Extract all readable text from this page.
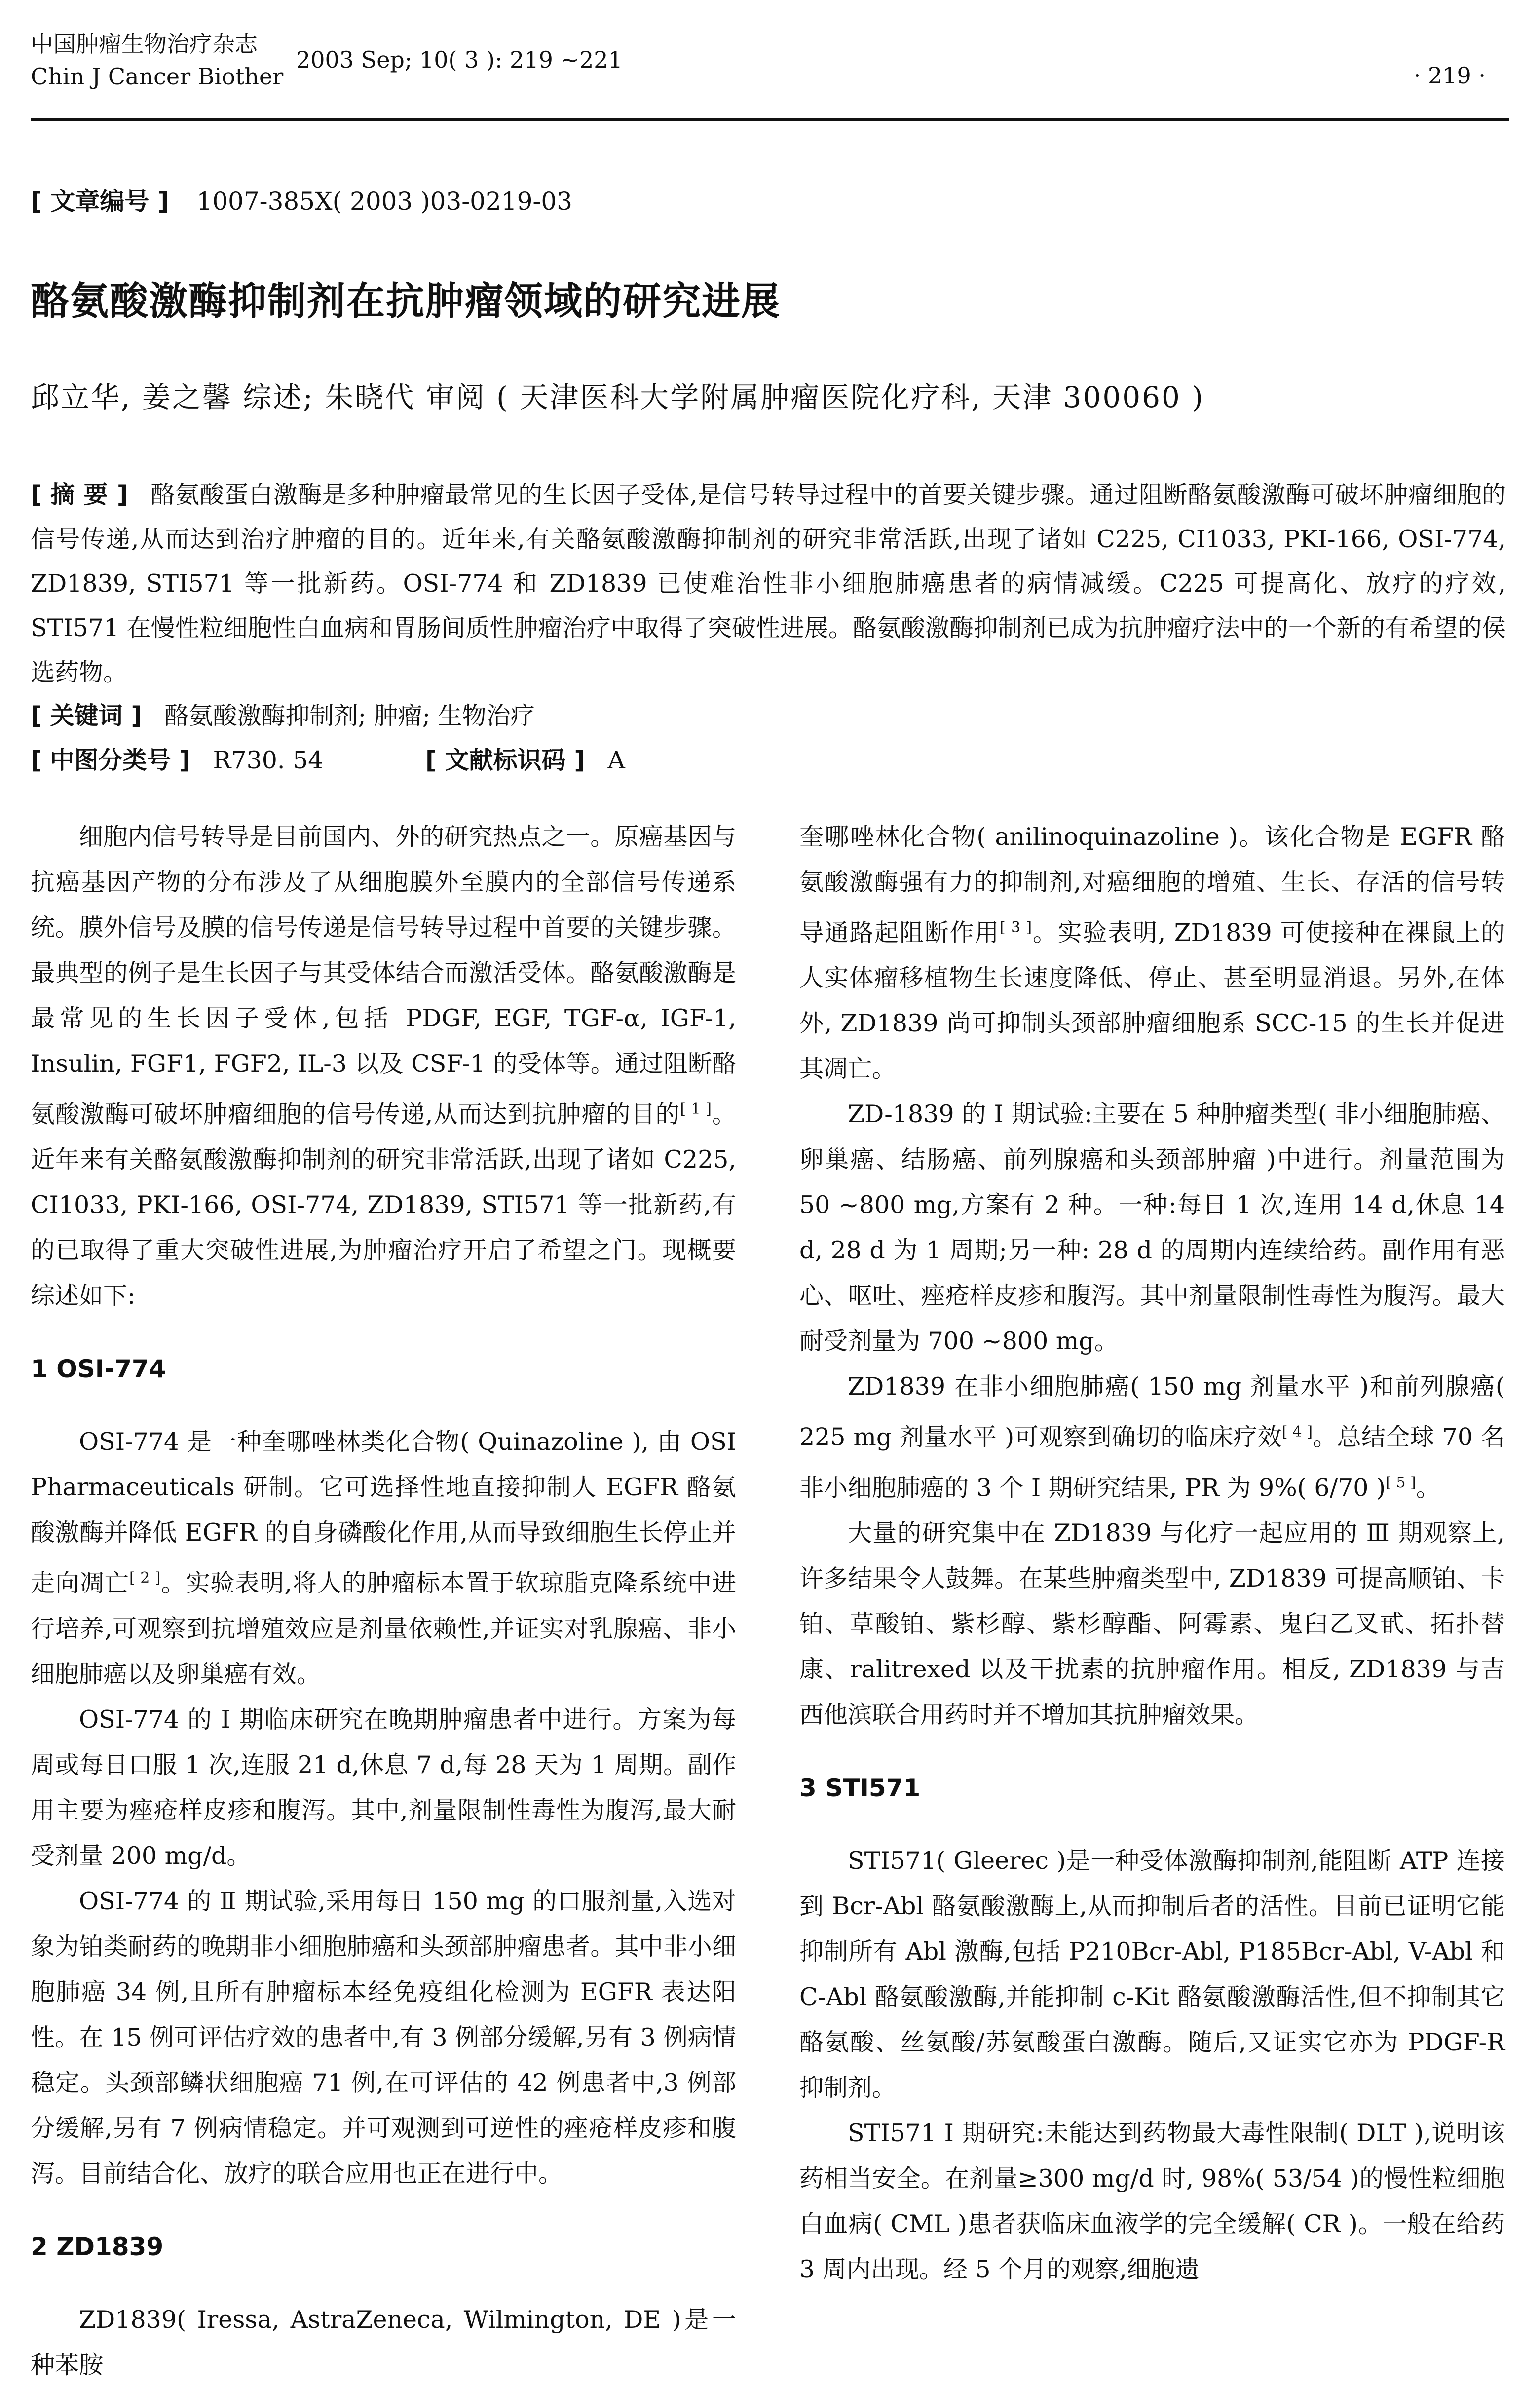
中国肿瘤生物治疗杂志
Chin J Cancer Biother
2003 Sep; 10( 3 ): 219 ~221
· 219 ·
[ 文章编号 ] 1007-385X( 2003 )03-0219-03
酪氨酸激酶抑制剂在抗肿瘤领域的研究进展
邱立华, 姜之馨 综述; 朱晓代 审阅 ( 天津医科大学附属肿瘤医院化疗科, 天津 300060 )
[ 摘 要 ] 酪氨酸蛋白激酶是多种肿瘤最常见的生长因子受体,是信号转导过程中的首要关键步骤。通过阻断酪氨酸激酶可破坏肿瘤细胞的信号传递,从而达到治疗肿瘤的目的。近年来,有关酪氨酸激酶抑制剂的研究非常活跃,出现了诸如 C225, CI1033, PKI-166, OSI-774, ZD1839, STI571 等一批新药。OSI-774 和 ZD1839 已使难治性非小细胞肺癌患者的病情减缓。C225 可提高化、放疗的疗效, STI571 在慢性粒细胞性白血病和胃肠间质性肿瘤治疗中取得了突破性进展。酪氨酸激酶抑制剂已成为抗肿瘤疗法中的一个新的有希望的侯选药物。
[ 关键词 ] 酪氨酸激酶抑制剂; 肿瘤; 生物治疗
[ 中图分类号 ] R730. 54	[ 文献标识码 ] A

细胞内信号转导是目前国内、外的研究热点之一。原癌基因与抗癌基因产物的分布涉及了从细胞膜外至膜内的全部信号传递系统。膜外信号及膜的信号传递是信号转导过程中首要的关键步骤。最典型的例子是生长因子与其受体结合而激活受体。酪氨酸激酶是最常见的生长因子受体,包括 PDGF, EGF, TGF-α, IGF-1, Insulin, FGF1, FGF2, IL-3 以及 CSF-1 的受体等。通过阻断酪氨酸激酶可破坏肿瘤细胞的信号传递,从而达到抗肿瘤的目的[ 1 ]。近年来有关酪氨酸激酶抑制剂的研究非常活跃,出现了诸如 C225, CI1033, PKI-166, OSI-774, ZD1839, STI571 等一批新药,有的已取得了重大突破性进展,为肿瘤治疗开启了希望之门。现概要综述如下:

1 OSI-774

OSI-774 是一种奎哪唑林类化合物( Quinazoline ), 由 OSI Pharmaceuticals 研制。它可选择性地直接抑制人 EGFR 酪氨酸激酶并降低 EGFR 的自身磷酸化作用,从而导致细胞生长停止并走向凋亡[ 2 ]。实验表明,将人的肿瘤标本置于软琼脂克隆系统中进行培养,可观察到抗增殖效应是剂量依赖性,并证实对乳腺癌、非小细胞肺癌以及卵巢癌有效。

OSI-774 的 Ⅰ 期临床研究在晚期肿瘤患者中进行。方案为每周或每日口服 1 次,连服 21 d,休息 7 d,每 28 天为 1 周期。副作用主要为痤疮样皮疹和腹泻。其中,剂量限制性毒性为腹泻,最大耐受剂量 200 mg/d。

OSI-774 的 Ⅱ 期试验,采用每日 150 mg 的口服剂量,入选对象为铂类耐药的晚期非小细胞肺癌和头颈部肿瘤患者。其中非小细胞肺癌 34 例,且所有肿瘤标本经免疫组化检测为 EGFR 表达阳性。在 15 例可评估疗效的患者中,有 3 例部分缓解,另有 3 例病情稳定。头颈部鳞状细胞癌 71 例,在可评估的 42 例患者中,3 例部分缓解,另有 7 例病情稳定。并可观测到可逆性的痤疮样皮疹和腹泻。目前结合化、放疗的联合应用也正在进行中。

2 ZD1839

ZD1839( Iressa, AstraZeneca, Wilmington, DE )是一种苯胺

奎哪唑林化合物( anilinoquinazoline )。该化合物是 EGFR 酪氨酸激酶强有力的抑制剂,对癌细胞的增殖、生长、存活的信号转导通路起阻断作用[ 3 ]。实验表明, ZD1839 可使接种在裸鼠上的人实体瘤移植物生长速度降低、停止、甚至明显消退。另外,在体外, ZD1839 尚可抑制头颈部肿瘤细胞系 SCC-15 的生长并促进其凋亡。

ZD-1839 的 Ⅰ 期试验:主要在 5 种肿瘤类型( 非小细胞肺癌、卵巢癌、结肠癌、前列腺癌和头颈部肿瘤 )中进行。剂量范围为 50 ~800 mg,方案有 2 种。一种:每日 1 次,连用 14 d,休息 14 d, 28 d 为 1 周期;另一种: 28 d 的周期内连续给药。副作用有恶心、呕吐、痤疮样皮疹和腹泻。其中剂量限制性毒性为腹泻。最大耐受剂量为 700 ~800 mg。

ZD1839 在非小细胞肺癌( 150 mg 剂量水平 )和前列腺癌( 225 mg 剂量水平 )可观察到确切的临床疗效[ 4 ]。总结全球 70 名非小细胞肺癌的 3 个 Ⅰ 期研究结果, PR 为 9%( 6/70 )[ 5 ]。

大量的研究集中在 ZD1839 与化疗一起应用的 Ⅲ 期观察上,许多结果令人鼓舞。在某些肿瘤类型中, ZD1839 可提高顺铂、卡铂、草酸铂、紫杉醇、紫杉醇酯、阿霉素、鬼臼乙叉甙、拓扑替康、ralitrexed 以及干扰素的抗肿瘤作用。相反, ZD1839 与吉西他滨联合用药时并不增加其抗肿瘤效果。

3 STI571

STI571( Gleerec )是一种受体激酶抑制剂,能阻断 ATP 连接到 Bcr-Abl 酪氨酸激酶上,从而抑制后者的活性。目前已证明它能抑制所有 Abl 激酶,包括 P210Bcr-Abl, P185Bcr-Abl, V-Abl 和 C-Abl 酪氨酸激酶,并能抑制 c-Kit 酪氨酸激酶活性,但不抑制其它酪氨酸、丝氨酸/苏氨酸蛋白激酶。随后,又证实它亦为 PDGF-R 抑制剂。

STI571 Ⅰ 期研究:未能达到药物最大毒性限制( DLT ),说明该药相当安全。在剂量≥300 mg/d 时, 98%( 53/54 )的慢性粒细胞白血病( CML )患者获临床血液学的完全缓解( CR )。一般在给药 3 周内出现。经 5 个月的观察,细胞遗
